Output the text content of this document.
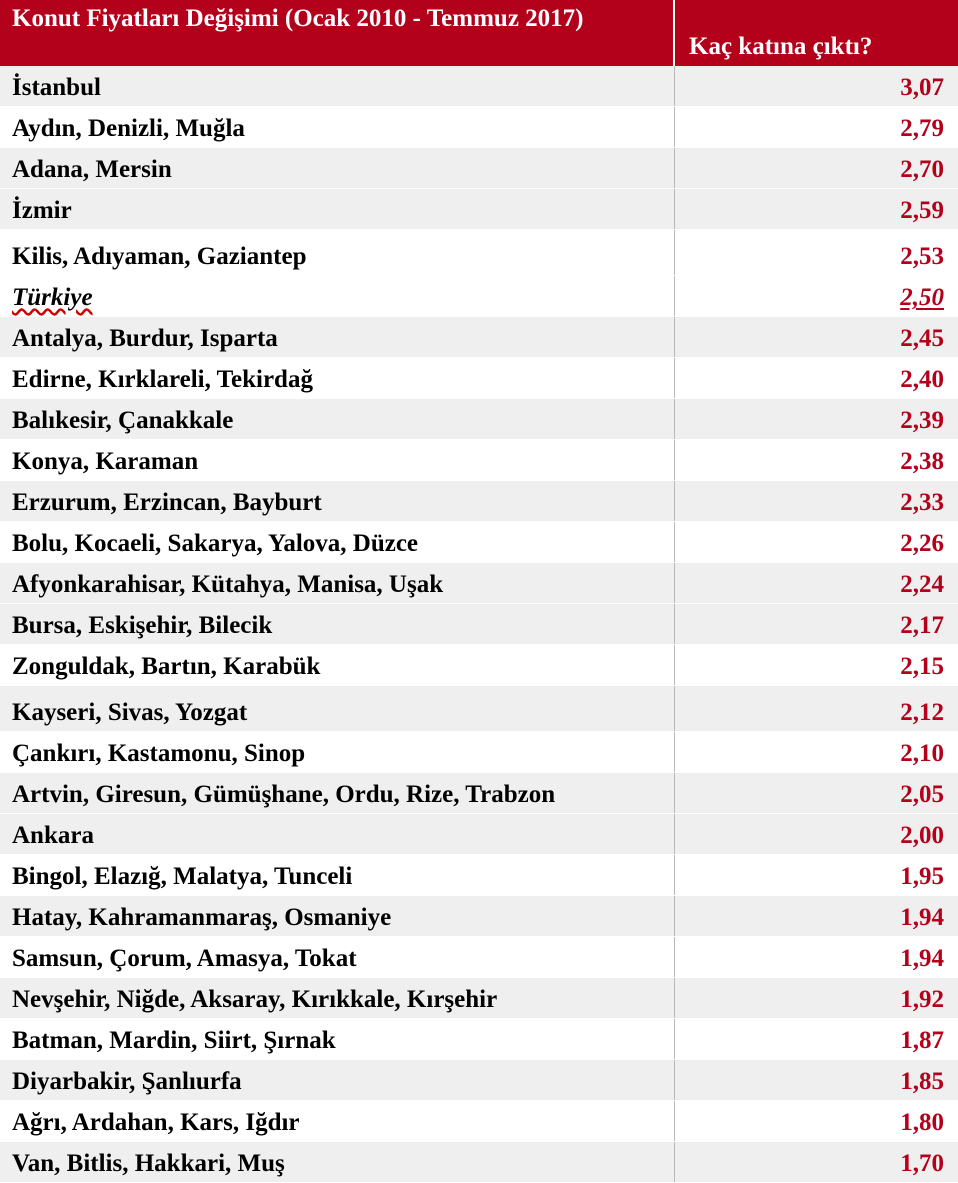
Konut Fiyatları Değişimi (Ocak 2010 - Temmuz 2017)	Kaç katına çıktı?
İstanbul	3,07
Aydın, Denizli, Muğla	2,79
Adana, Mersin	2,70
İzmir	2,59
Kilis, Adıyaman, Gaziantep	2,53
Türkiye	2,50
Antalya, Burdur, Isparta	2,45
Edirne, Kırklareli, Tekirdağ	2,40
Balıkesir, Çanakkale	2,39
Konya, Karaman	2,38
Erzurum, Erzincan, Bayburt	2,33
Bolu, Kocaeli, Sakarya, Yalova, Düzce	2,26
Afyonkarahisar, Kütahya, Manisa, Uşak	2,24
Bursa, Eskişehir, Bilecik	2,17
Zonguldak, Bartın, Karabük	2,15
Kayseri, Sivas, Yozgat	2,12
Çankırı, Kastamonu, Sinop	2,10
Artvin, Giresun, Gümüşhane, Ordu, Rize, Trabzon	2,05
Ankara	2,00
Bingol, Elazığ, Malatya, Tunceli	1,95
Hatay, Kahramanmaraş, Osmaniye	1,94
Samsun, Çorum, Amasya, Tokat	1,94
Nevşehir, Niğde, Aksaray, Kırıkkale, Kırşehir	1,92
Batman, Mardin, Siirt, Şırnak	1,87
Diyarbakir, Şanlıurfa	1,85
Ağrı, Ardahan, Kars, Iğdır	1,80
Van, Bitlis, Hakkari, Muş	1,70
